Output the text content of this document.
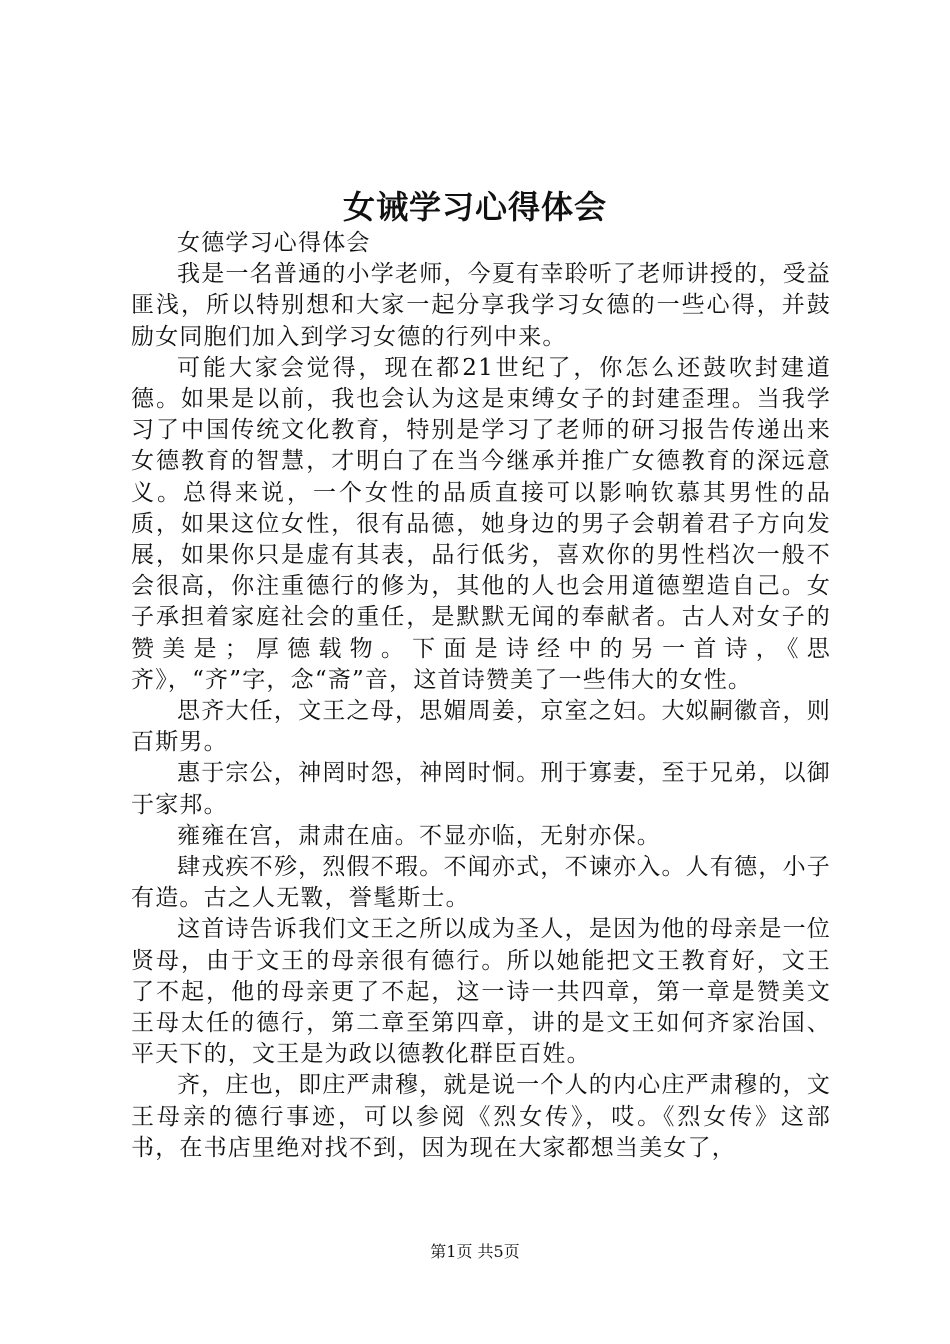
女诫学习心得体会

女德学习心得体会

我是一名普通的小学老师，今夏有幸聆听了老师讲授的，受益匪浅，所以特别想和大家一起分享我学习女德的一些心得，并鼓励女同胞们加入到学习女德的行列中来。

可能大家会觉得，现在都21世纪了，你怎么还鼓吹封建道德。如果是以前，我也会认为这是束缚女子的封建歪理。当我学习了中国传统文化教育，特别是学习了老师的研习报告传递出来女德教育的智慧，才明白了在当今继承并推广女德教育的深远意义。总得来说，一个女性的品质直接可以影响钦慕其男性的品质，如果这位女性，很有品德，她身边的男子会朝着君子方向发展，如果你只是虚有其表，品行低劣，喜欢你的男性档次一般不会很高，你注重德行的修为，其他的人也会用道德塑造自己。女子承担着家庭社会的重任，是默默无闻的奉献者。古人对女子的赞美是；厚德载物。下面是诗经中的另一首诗，《思齐》，“齐”字，念“斋”音，这首诗赞美了一些伟大的女性。

思齐大任，文王之母，思媚周姜，京室之妇。大姒嗣徽音，则百斯男。

惠于宗公，神罔时怨，神罔时恫。刑于寡妻，至于兄弟，以御于家邦。

雍雍在宫，肃肃在庙。不显亦临，无射亦保。

肆戎疾不殄，烈假不瑕。不闻亦式，不谏亦入。人有德，小子有造。古之人无斁，誉髦斯士。

这首诗告诉我们文王之所以成为圣人，是因为他的母亲是一位贤母，由于文王的母亲很有德行。所以她能把文王教育好，文王了不起，他的母亲更了不起，这一诗一共四章，第一章是赞美文王母太任的德行，第二章至第四章，讲的是文王如何齐家治国、平天下的，文王是为政以德教化群臣百姓。

齐，庄也，即庄严肃穆，就是说一个人的内心庄严肃穆的，文王母亲的德行事迹，可以参阅《烈女传》，哎。《烈女传》这部书，在书店里绝对找不到，因为现在大家都想当美女了，

第1页 共5页
